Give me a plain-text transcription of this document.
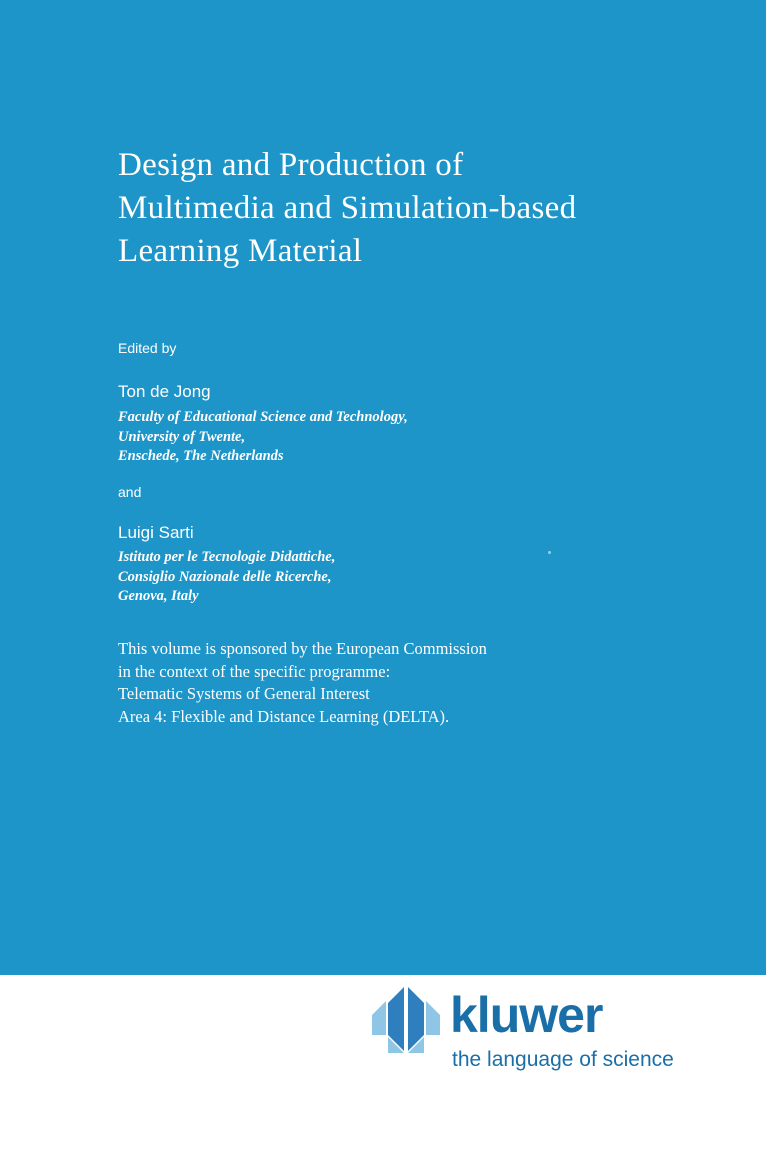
Design and Production of
Multimedia and Simulation-based
Learning Material
Edited by
Ton de Jong
Faculty of Educational Science and Technology,
University of Twente,
Enschede, The Netherlands
and
Luigi Sarti
Istituto per le Tecnologie Didattiche,
Consiglio Nazionale delle Ricerche,
Genova, Italy
This volume is sponsored by the European Commission
in the context of the specific programme:
Telematic Systems of General Interest
Area 4: Flexible and Distance Learning (DELTA).
kluwer
the language of science
